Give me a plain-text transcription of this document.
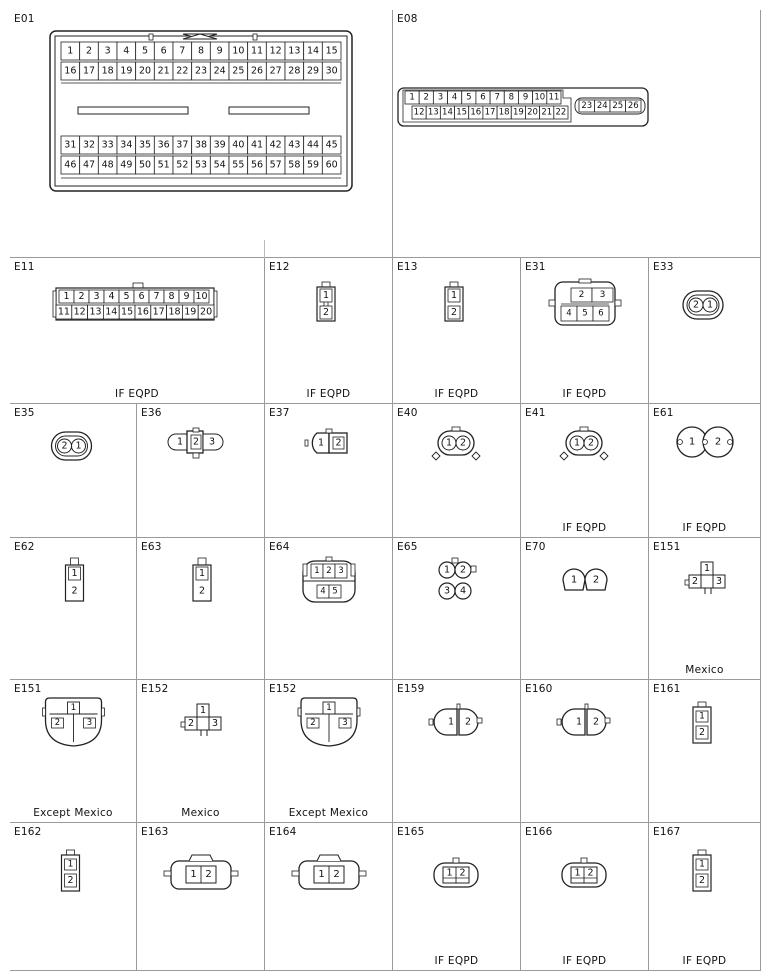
E01
1 2 3 4 5 6 7 8 9 10 11 12 13 14 15
16 17 18 19 20 21 22 23 24 25 26 27 28 29 30
31 32 33 34 35 36 37 38 39 40 41 42 43 44 45
46 47 48 49 50 51 52 53 54 55 56 57 58 59 60
E08
1 2 3 4 5 6 7 8 9 10 11
12 13 14 15 16 17 18 19 20 21 22
23 24 25 26
E11
IF EQPD
1 2 3 4 5 6 7 8 9 10
11 12 13 14 15 16 17 18 19 20
E12
IF EQPD
1
2
E13
IF EQPD
1
2
E31
IF EQPD
2 3
4 5 6
E33
2 1
E35
2 1
E36
1 2 3
E37
1 2
E40
1 2
E41
IF EQPD
1 2
E61
IF EQPD
1 2
E62
1
2
E63
1
2
E64
1 2 3
4 5
E65
1 2
3 4
E70
1 2
E151
Mexico
1
2 3
E151
Except Mexico
1
2	3
E152
Mexico
1
2 3
E152
Except Mexico
1
2	3
E159
1 2
E160
1 2
E161
1
2
E162
1
2
E163
1 2
E164
1 2
E165
IF EQPD
1 2
E166
IF EQPD
1 2
E167
IF EQPD
1
2
